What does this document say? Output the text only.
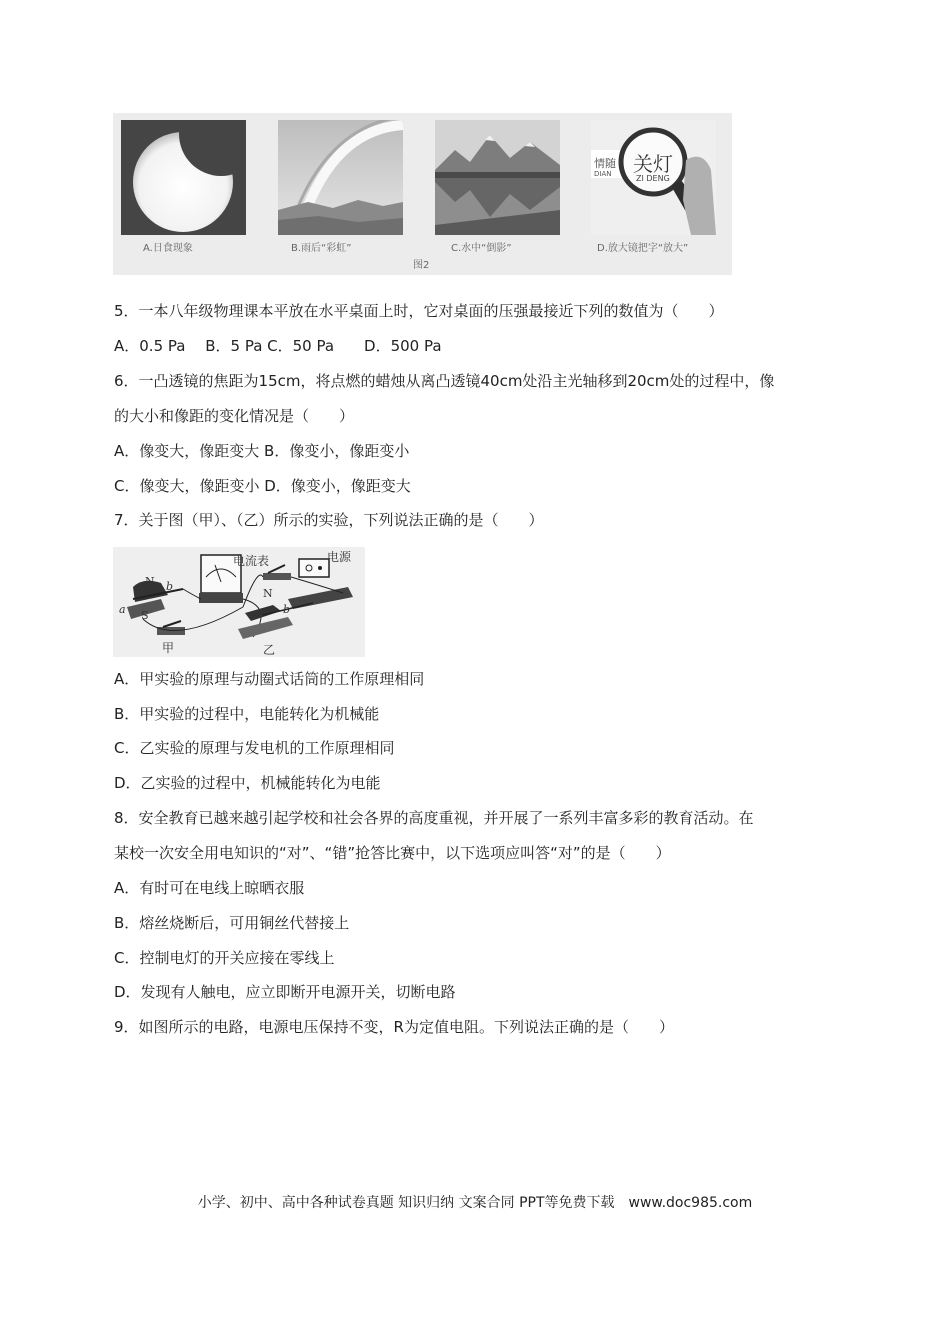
情随 关灯
DIAN	ZI DENG
A.日食现象	B.雨后“彩虹”	C.水中“倒影”	D.放大镜把字“放大”
图2
5．一本八年级物理课本平放在水平桌面上时，它对桌面的压强最接近下列的数值为（　　）
A．0.5 Pa　 B．5 Pa C．50 Pa　　D．500 Pa
6．一凸透镜的焦距为15cm，将点燃的蜡烛从离凸透镜40cm处沿主光轴移到20cm处的过程中，像
的大小和像距的变化情况是（　　）
A．像变大，像距变大 B．像变小，像距变小
C．像变大，像距变小 D．像变小，像距变大
7．关于图（甲）、（乙）所示的实验，下列说法正确的是（　　）
电流表	电源
N b
S
a
N
b
甲	乙
A．甲实验的原理与动圈式话筒的工作原理相同
B．甲实验的过程中，电能转化为机械能
C．乙实验的原理与发电机的工作原理相同
D．乙实验的过程中，机械能转化为电能
8．安全教育已越来越引起学校和社会各界的高度重视，并开展了一系列丰富多彩的教育活动。在
某校一次安全用电知识的“对”、“错”抢答比赛中，以下选项应叫答“对”的是（　　）
A．有时可在电线上晾晒衣服
B．熔丝烧断后，可用铜丝代替接上
C．控制电灯的开关应接在零线上
D．发现有人触电，应立即断开电源开关，切断电路
9．如图所示的电路，电源电压保持不变，R为定值电阻。下列说法正确的是（　　）
小学、初中、高中各种试卷真题 知识归纳 文案合同 PPT等免费下载　www.doc985.com
